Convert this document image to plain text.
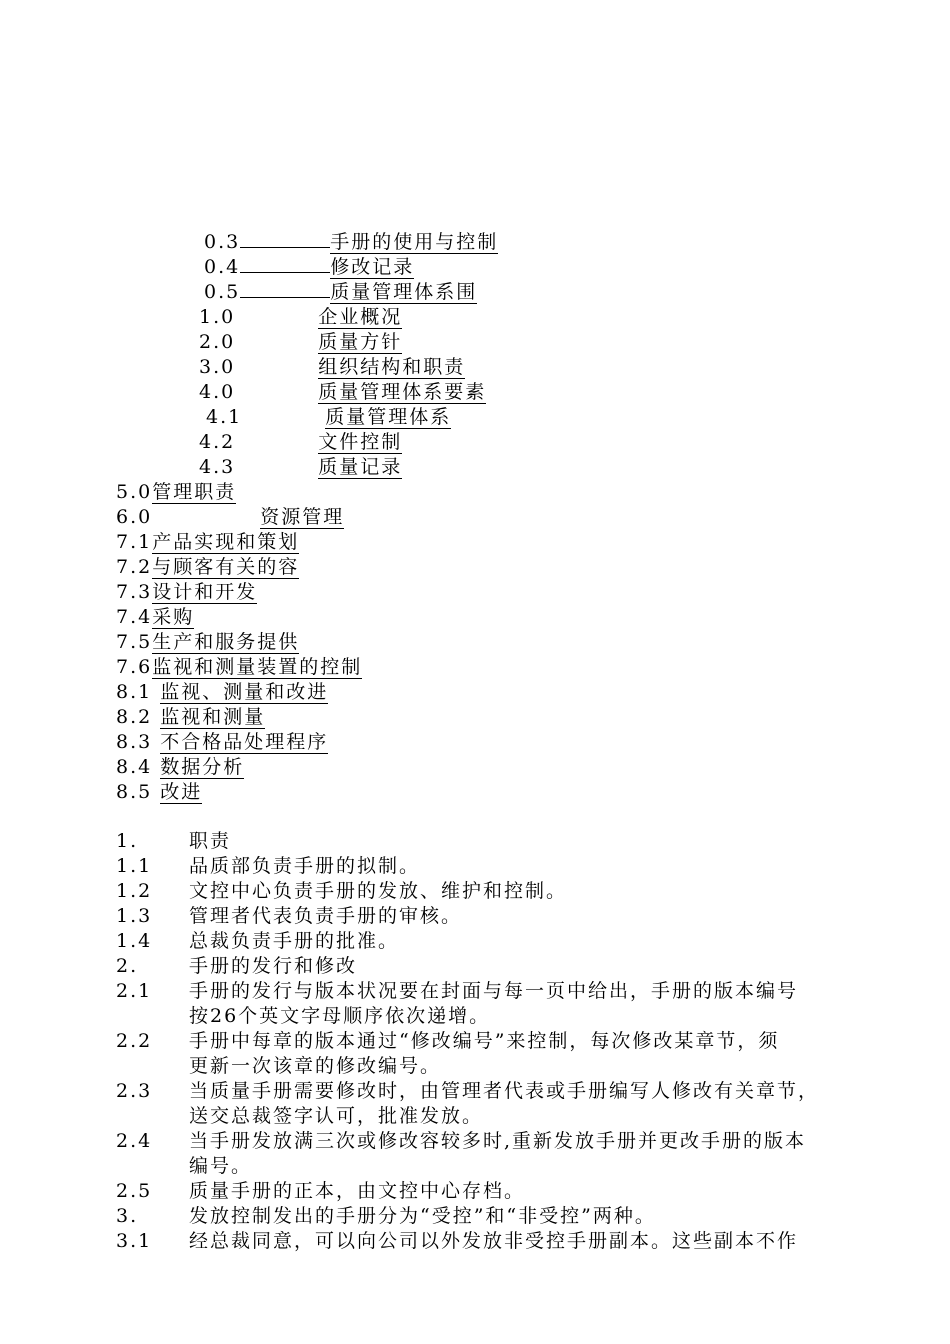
0.3	手册的使用与控制
0.4	修改记录
0.5	质量管理体系围
1.0	企业概况
2.0	质量方针
3.0	组织结构和职责
4.0	质量管理体系要素
4.1	质量管理体系
4.2	文件控制
4.3	质量记录
5.0管理职责
6.0	资源管理
7.1产品实现和策划
7.2与顾客有关的容
7.3设计和开发
7.4采购
7.5生产和服务提供
7.6监视和测量装置的控制
8.1 监视、测量和改进
8.2 监视和测量
8.3 不合格品处理程序
8.4 数据分析
8.5 改进
1.	职责
1.1	品质部负责手册的拟制。
1.2	文控中心负责手册的发放、维护和控制。
1.3	管理者代表负责手册的审核。
1.4	总裁负责手册的批准。
2.	手册的发行和修改
2.1	手册的发行与版本状况要在封面与每一页中给出，手册的版本编号
按26个英文字母顺序依次递增。
2.2	手册中每章的版本通过“修改编号”来控制，每次修改某章节，须
更新一次该章的修改编号。
2.3	当质量手册需要修改时，由管理者代表或手册编写人修改有关章节，
送交总裁签字认可，批准发放。
2.4	当手册发放满三次或修改容较多时,重新发放手册并更改手册的版本
编号。
2.5	质量手册的正本，由文控中心存档。
3.	发放控制发出的手册分为“受控”和“非受控”两种。
3.1	经总裁同意，可以向公司以外发放非受控手册副本。这些副本不作
